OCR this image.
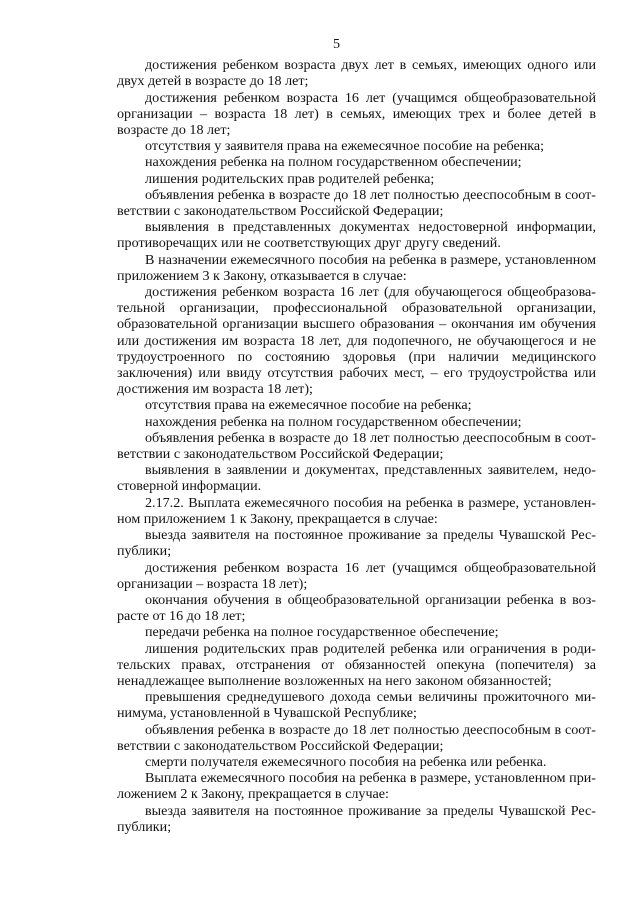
5

достижения ребенком возраста двух лет в семьях, имеющих одного или двух детей в возрасте до 18 лет;

достижения ребенком возраста 16 лет (учащимся общеобразовательной организации – возраста 18 лет) в семьях, имеющих трех и более детей в возрасте до 18 лет;

отсутствия у заявителя права на ежемесячное пособие на ребенка;

нахождения ребенка на полном государственном обеспечении;

лишения родительских прав родителей ребенка;

объявления ребенка в возрасте до 18 лет полностью дееспособным в соответствии с законодательством Российской Федерации;

выявления в представленных документах недостоверной информации, противоречащих или не соответствующих друг другу сведений.

В назначении ежемесячного пособия на ребенка в размере, установленном приложением 3 к Закону, отказывается в случае:

достижения ребенком возраста 16 лет (для обучающегося общеобразовательной организации, профессиональной образовательной организации, образовательной организации высшего образования – окончания им обучения или достижения им возраста 18 лет, для подопечного, не обучающегося и не трудоустроенного по состоянию здоровья (при наличии медицинского заключения) или ввиду отсутствия рабочих мест, – его трудоустройства или достижения им возраста 18 лет);

отсутствия права на ежемесячное пособие на ребенка;

нахождения ребенка на полном государственном обеспечении;

объявления ребенка в возрасте до 18 лет полностью дееспособным в соответствии с законодательством Российской Федерации;

выявления в заявлении и документах, представленных заявителем, недостоверной информации.

2.17.2. Выплата ежемесячного пособия на ребенка в размере, установленном приложением 1 к Закону, прекращается в случае:

выезда заявителя на постоянное проживание за пределы Чувашской Республики;

достижения ребенком возраста 16 лет (учащимся общеобразовательной организации – возраста 18 лет);

окончания обучения в общеобразовательной организации ребенка в возрасте от 16 до 18 лет;

передачи ребенка на полное государственное обеспечение;

лишения родительских прав родителей ребенка или ограничения в родительских правах, отстранения от обязанностей опекуна (попечителя) за ненадлежащее выполнение возложенных на него законом обязанностей;

превышения среднедушевого дохода семьи величины прожиточного минимума, установленной в Чувашской Республике;

объявления ребенка в возрасте до 18 лет полностью дееспособным в соответствии с законодательством Российской Федерации;

смерти получателя ежемесячного пособия на ребенка или ребенка.

Выплата ежемесячного пособия на ребенка в размере, установленном приложением 2 к Закону, прекращается в случае:

выезда заявителя на постоянное проживание за пределы Чувашской Республики;
